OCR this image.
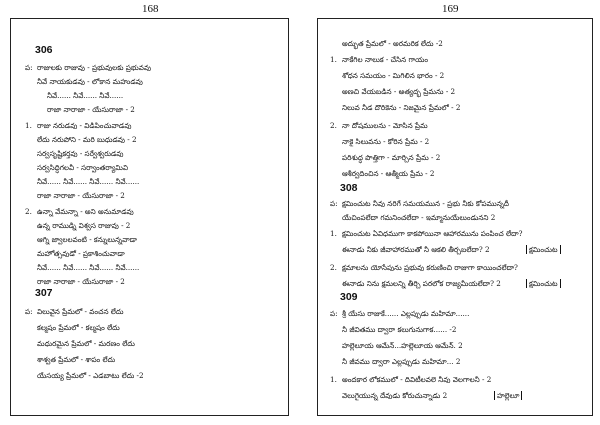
168	169
306
ప: రాజులకు రాజువు - ప్రభువులకు ప్రభువవు
నీవే నాయకుడవు - లోకాన మహుడవు
నీవే...... నీవే...... నీవే......
రాజా నారాజా - యేసురాజా - 2
1. రాజు నరుడవు - విడిపించువాడవు
లేదు నరుపోని - మరి బుధుడవు - 2
సర్వసృష్టికర్తవు - సర్వేశ్వరుడవు
సర్వసిద్ధిగలవీ - సర్వాంతర్యామివి
నీవే...... నీవే...... నీవే...... నీవే......
రాజా నారాజా - యేసురాజా - 2
2. ఉన్నా వేమన్నా - అని అనుమాడవు
ఉన్న రాముడ్ని విశ్వస రాజువు - 2
ఆగ్ని జ్వాలలవంటి - కన్నులున్నవాడా
మహోత్సవుడో - ప్రకాశించువాడా
నీవే...... నీవే...... నీవే...... నీవే......
రాజా నారాజా - యేసురాజా - 2
307
ప: విలువైన ప్రేమలో - వంచన లేదు
కల్మషం ప్రేమలో - కల్మషం లేదు
మధురమైన ప్రేమలో - మరణం లేదు
శాశ్వత ప్రేమలో - శాపం లేదు
యేసయ్య ప్రేమలో - ఎడబాటు లేదు -2
అద్భుత ప్రేమలో - అరమరిక లేదు -2
1. నాకేగిల నాలుక - చేసిన గాయం
శోధన సమయం - మిగిలిన భారం - 2
అణచి వేయబడిన - అత్యద్భ ప్రేమను - 2
నిలువ నీడ దొరికెను - నిజమైన ప్రేమలో - 2
2. నా దోషములను - మోసిన ప్రేమ
నాకై సిలువను - కోరిన ప్రేమ - 2
పరిశుద్ధ పొత్తిగా - మార్చిన ప్రేమ - 2
ఆశీర్వదించిన - ఆత్మీయ ప్రేమ - 2
308
ప: క్షమించుట నీవు నరిగే సమయమున - ప్రభు నీకు కోపమున్నదీ
యేచింపలేదా గమనించలేదా - ఇమ్మానుయేలుండునని 2
1. క్షమించుట ఏవిధముగా కాకపోయినా ఆహారమును పంపించ లేదా?
ఈనాడు నీకు జీవాహారముతో నీ ఆకలి తీర్చబలేదా? 2	క్షమించుట
2. క్షమాలను యోసేపును ప్రభువు కరుణించి రాజుగా కాయించలేదా?
ఈనాడు నిను క్షమలన్ని తీర్చి పరలోక రాజ్యమీయలేదా? 2	క్షమించుట
309
ప: శ్రీ యేసు రాజుకే...... ఎల్లప్పుడు మహిమా......
నీ జీవితము ద్వారా కలుగునుగాక...... -2
హల్లెలూయ ఆమేన్...హల్లెలూయ ఆమేన్. 2
నీ జీవము ద్వారా ఎల్లప్పుడు మహిమా... 2
1. అందకార లోకములో - దివిటీలవలె నీవు వెలగాలనీ - 2
వెలుగైయున్న దేవుడు కోరుచున్నాడు 2	హల్లెలూ
